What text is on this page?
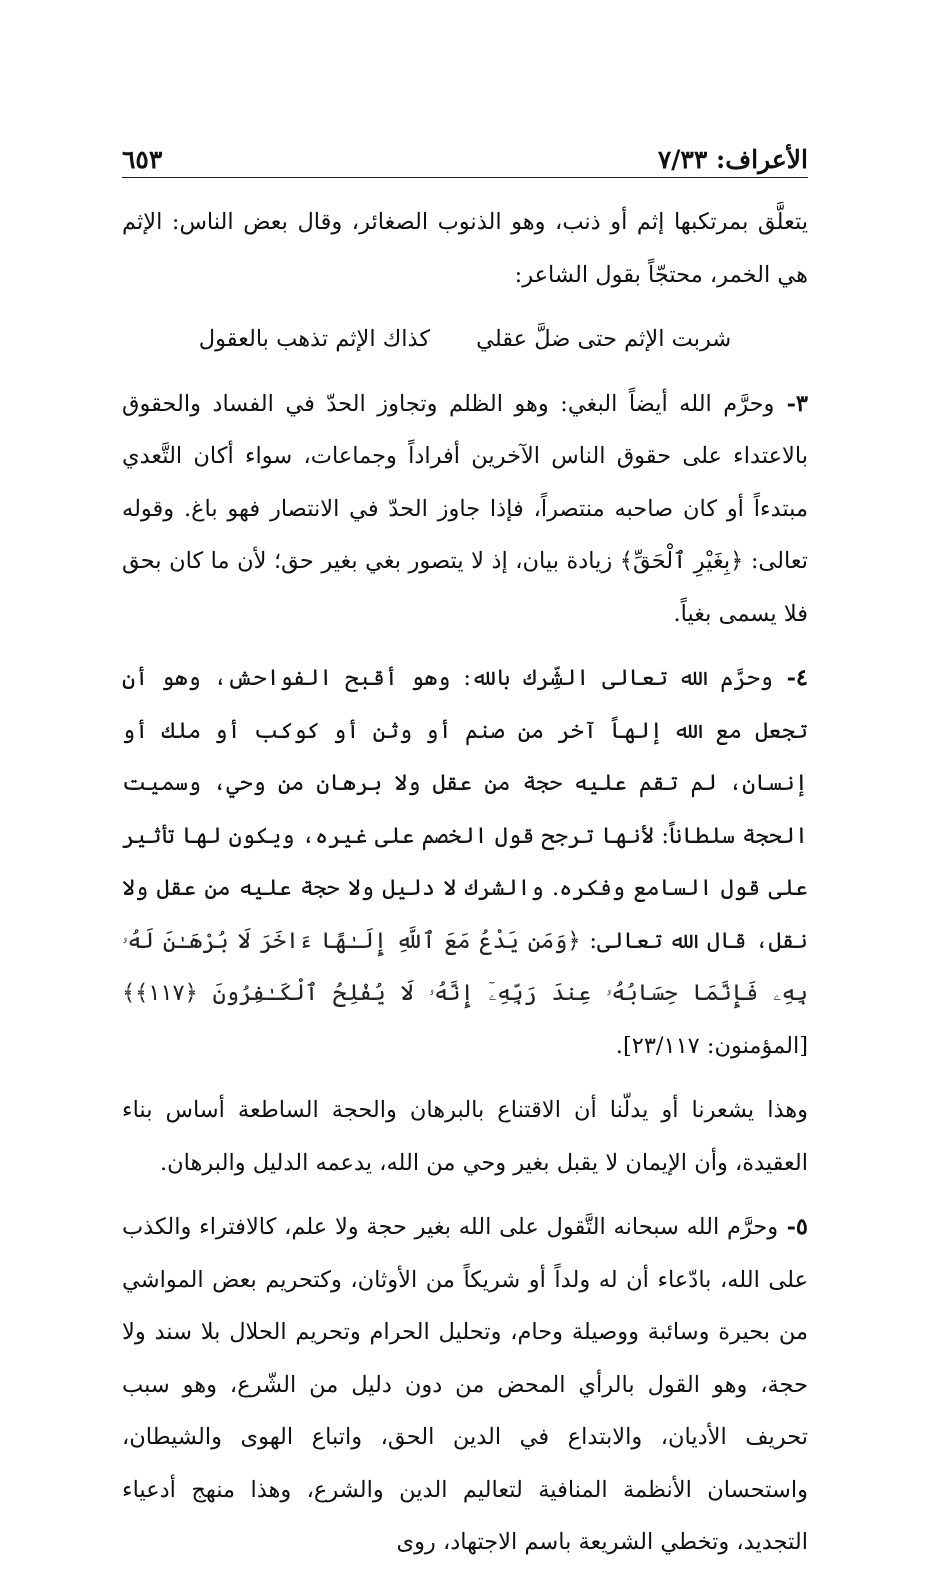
الأعراف: ٧/٣٣
٦٥٣

يتعلَّق بمرتكبها إثم أو ذنب، وهو الذنوب الصغائر، وقال بعض الناس: الإثم هي الخمر، محتجّاً بقول الشاعر:

شربت الإثم حتى ضلَّ عقلي
كذاك الإثم تذهب بالعقول

٣- وحرَّم الله أيضاً البغي: وهو الظلم وتجاوز الحدّ في الفساد والحقوق بالاعتداء على حقوق الناس الآخرين أفراداً وجماعات، سواء أكان التَّعدي مبتدءاً أو كان صاحبه منتصراً، فإذا جاوز الحدّ في الانتصار فهو باغ. وقوله تعالى: ﴿بِغَيْرِ ٱلْحَقِّ﴾ زيادة بيان، إذ لا يتصور بغي بغير حق؛ لأن ما كان بحق فلا يسمى بغياً.

٤- وحرَّم الله تعالى الشِّرك بالله: وهو أقبح الفواحش، وهو أن تجعل مع الله إلهاً آخر من صنم أو وثن أو كوكب أو ملك أو إنسان، لم تقم عليه حجة من عقل ولا برهان من وحي، وسميت الحجة سلطاناً: لأنها ترجح قول الخصم على غيره، ويكون لها تأثير على قول السامع وفكره. والشرك لا دليل ولا حجة عليه من عقل ولا نقل، قال الله تعالى: ﴿وَمَن يَدْعُ مَعَ ٱللَّهِ إِلَـٰهًا ءَاخَرَ لَا بُرْهَـٰنَ لَهُۥ بِهِۦ فَإِنَّمَا حِسَابُهُۥ عِندَ رَبِّهِۦٓ إِنَّهُۥ لَا يُفْلِحُ ٱلْكَـٰفِرُونَ ﴿١١٧﴾﴾ [المؤمنون: ٢٣/١١٧].

وهذا يشعرنا أو يدلّنا أن الاقتناع بالبرهان والحجة الساطعة أساس بناء العقيدة، وأن الإيمان لا يقبل بغير وحي من الله، يدعمه الدليل والبرهان.

٥- وحرَّم الله سبحانه التَّقول على الله بغير حجة ولا علم، كالافتراء والكذب على الله، بادّعاء أن له ولداً أو شريكاً من الأوثان، وكتحريم بعض المواشي من بحيرة وسائبة ووصيلة وحام، وتحليل الحرام وتحريم الحلال بلا سند ولا حجة، وهو القول بالرأي المحض من دون دليل من الشّرع، وهو سبب تحريف الأديان، والابتداع في الدين الحق، واتباع الهوى والشيطان، واستحسان الأنظمة المنافية لتعاليم الدين والشرع، وهذا منهج أدعياء التجديد، وتخطي الشريعة باسم الاجتهاد، روى
